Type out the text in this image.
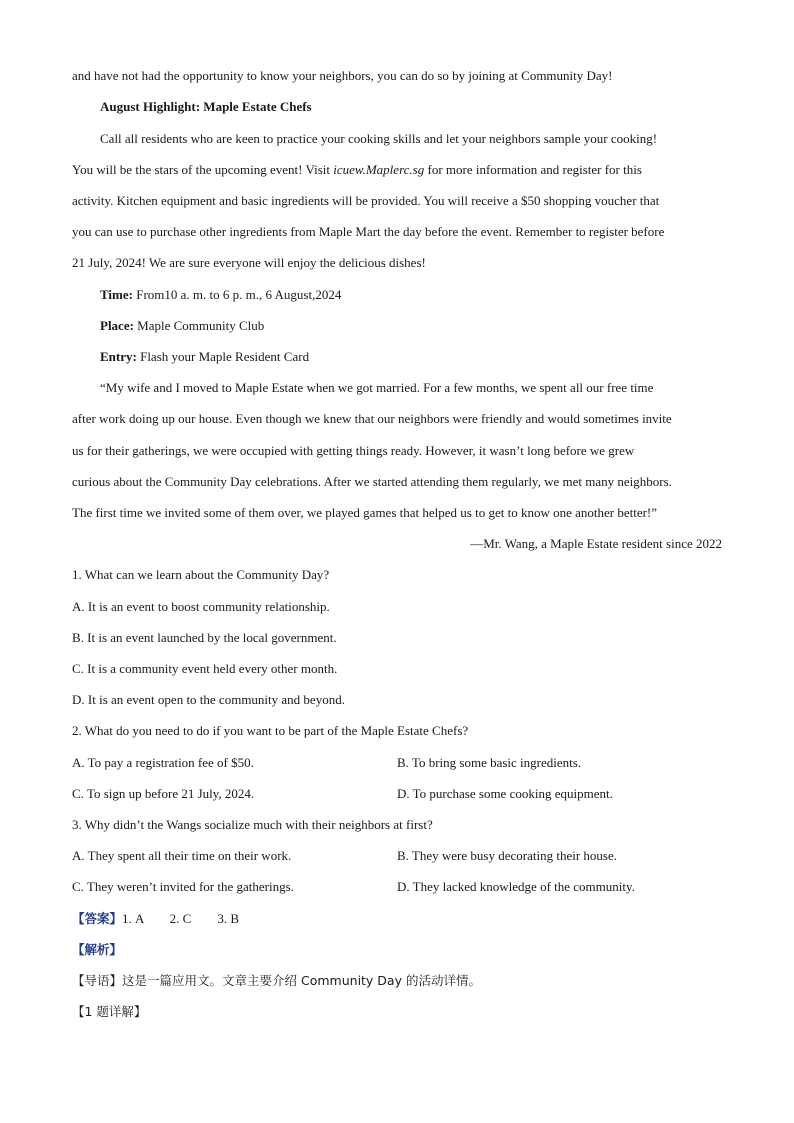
and have not had the opportunity to know your neighbors, you can do so by joining at Community Day!
August Highlight: Maple Estate Chefs
Call all residents who are keen to practice your cooking skills and let your neighbors sample your cooking!
You will be the stars of the upcoming event! Visit icuew.Maplerc.sg for more information and register for this
activity. Kitchen equipment and basic ingredients will be provided. You will receive a $50 shopping voucher that
you can use to purchase other ingredients from Maple Mart the day before the event. Remember to register before
21 July, 2024! We are sure everyone will enjoy the delicious dishes!
Time: From10 a. m. to 6 p. m., 6 August,2024
Place: Maple Community Club
Entry: Flash your Maple Resident Card
“My wife and I moved to Maple Estate when we got married. For a few months, we spent all our free time
after work doing up our house. Even though we knew that our neighbors were friendly and would sometimes invite
us for their gatherings, we were occupied with getting things ready. However, it wasn’t long before we grew
curious about the Community Day celebrations. After we started attending them regularly, we met many neighbors.
The first time we invited some of them over, we played games that helped us to get to know one another better!”
—Mr. Wang, a Maple Estate resident since 2022
1. What can we learn about the Community Day?
A. It is an event to boost community relationship.
B. It is an event launched by the local government.
C. It is a community event held every other month.
D. It is an event open to the community and beyond.
2. What do you need to do if you want to be part of the Maple Estate Chefs?
A. To pay a registration fee of $50.	B. To bring some basic ingredients.
C. To sign up before 21 July, 2024.	D. To purchase some cooking equipment.
3. Why didn’t the Wangs socialize much with their neighbors at first?
A. They spent all their time on their work.	B. They were busy decorating their house.
C. They weren’t invited for the gatherings.	D. They lacked knowledge of the community.
【答案】1. A        2. C        3. B
【解析】
【导语】这是一篇应用文。文章主要介绍 Community Day 的活动详情。
【1 题详解】
